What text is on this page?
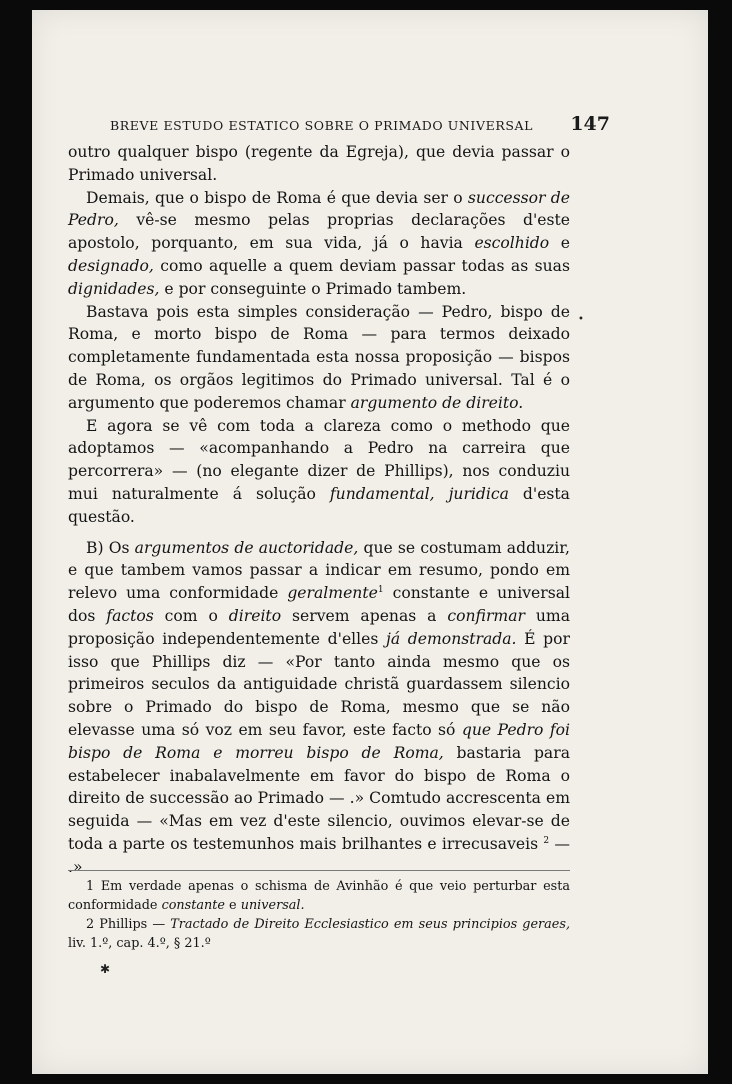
BREVE ESTUDO ESTATICO SOBRE O PRIMADO UNIVERSAL 147

outro qualquer bispo (regente da Egreja), que devia passar o Primado universal.

Demais, que o bispo de Roma é que devia ser o successor de Pedro, vê-se mesmo pelas proprias declarações d'este apostolo, porquanto, em sua vida, já o havia escolhido e designado, como aquelle a quem deviam passar todas as suas dignidades, e por conseguinte o Primado tambem.

Bastava pois esta simples consideração — Pedro, bispo de Roma, e morto bispo de Roma — para termos deixado completamente fundamentada esta nossa proposição — bispos de Roma, os orgãos legitimos do Primado universal. Tal é o argumento que poderemos chamar argumento de direito.

E agora se vê com toda a clareza como o methodo que adoptamos — «acompanhando a Pedro na carreira que percorrera» — (no elegante dizer de Phillips), nos conduziu mui naturalmente á solução fundamental, juridica d'esta questão.

B) Os argumentos de auctoridade, que se costumam adduzir, e que tambem vamos passar a indicar em resumo, pondo em relevo uma conformidade geralmente$^1$ constante e universal dos factos com o direito servem apenas a confirmar uma proposição independentemente d'elles já demonstrada. É por isso que Phillips diz — «Por tanto ainda mesmo que os primeiros seculos da antiguidade christã guardassem silencio sobre o Primado do bispo de Roma, mesmo que se não elevasse uma só voz em seu favor, este facto só que Pedro foi bispo de Roma e morreu bispo de Roma, bastaria para estabelecer inabalavelmente em favor do bispo de Roma o direito de successão ao Primado — .» Comtudo accrescenta em seguida — «Mas em vez d'este silencio, ouvimos elevar-se de toda a parte os testemunhos mais brilhantes e irrecusaveis $^2$ — .»

1 Em verdade apenas o schisma de Avinhão é que veio perturbar esta conformidade constante e universal.

2 Phillips — Tractado de Direito Ecclesiastico em seus principios geraes, liv. 1.º, cap. 4.º, § 21.º

✱
•
